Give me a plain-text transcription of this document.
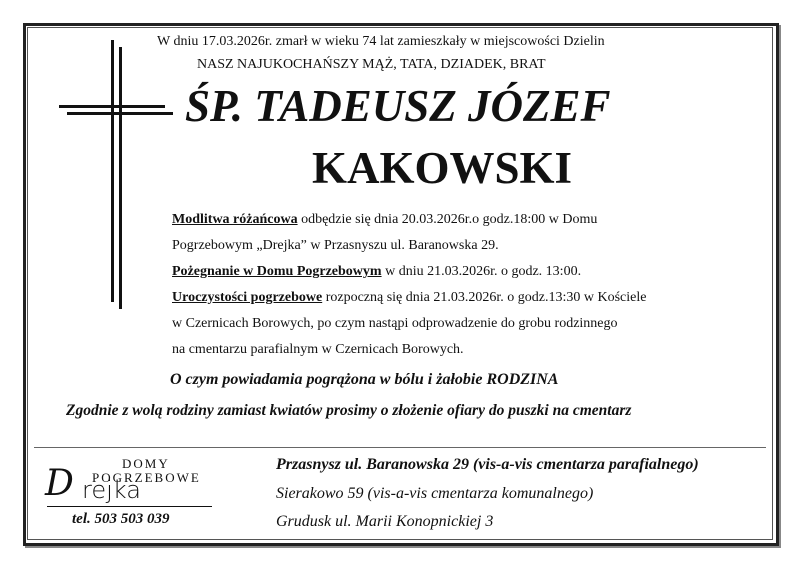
W dniu 17.03.2026r. zmarł w wieku 74 lat zamieszkały w miejscowości Dzielin
NASZ NAJUKOCHAŃSZY MĄŻ, TATA, DZIADEK, BRAT
ŚP. TADEUSZ JÓZEF
KAKOWSKI
Modlitwa różańcowa odbędzie się dnia 20.03.2026r.o godz.18:00 w Domu
Pogrzebowym „Drejka” w Przasnyszu ul. Baranowska 29.
Pożegnanie w Domu Pogrzebowym w dniu 21.03.2026r. o godz. 13:00.
Uroczystości pogrzebowe rozpoczną się dnia 21.03.2026r. o godz.13:30 w Kościele
w Czernicach Borowych, po czym nastąpi odprowadzenie do grobu rodzinnego
na cmentarzu parafialnym w Czernicach Borowych.
O czym powiadamia pogrążona w bólu i żałobie RODZINA
Zgodnie z wolą rodziny zamiast kwiatów prosimy o złożenie ofiary do puszki na cmentarz
DOMY
POGRZEBOWE
D rejka
tel. 503 503 039
Przasnysz ul. Baranowska 29 (vis-a-vis cmentarza parafialnego)
Sierakowo 59 (vis-a-vis cmentarza komunalnego)
Grudusk ul. Marii Konopnickiej 3
